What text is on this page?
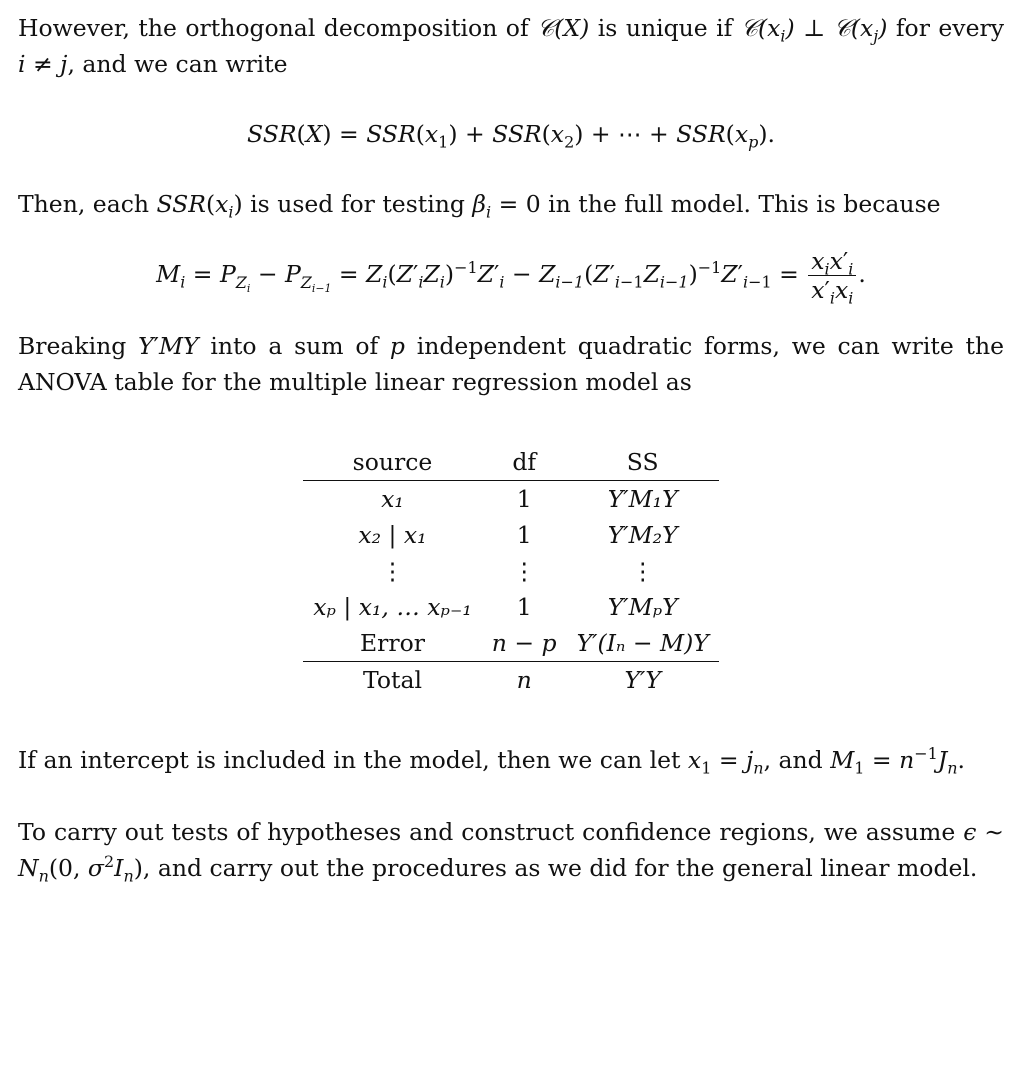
However, the orthogonal decomposition of 𝒞(X) is unique if $𝒞(x_i)$ ⊥ $𝒞(x_j)$ for every i ≠ j, and we can write

$SSR(X) = SSR(x_1) + SSR(x_2)$ + ⋯ + $SSR(x_p)$.

Then, each $SSR(x_i)$ is used for testing $\beta_i = 0$ in the full model. This is because

$M_i = P_{Z_i} - P_{Z_{i-1}} = Z_i(Z'_iZ_i)^{-1}Z'_i - Z_{i-1}(Z'_{i-1}Z_{i-1})^{-1}Z'_{i-1} = \frac{x_ix'_i}{x'_ix_i}$ .

Breaking Y′MY into a sum of p independent quadratic forms, we can write the ANOVA table for the multiple linear regression model as

source	df	SS
x₁	1	Y′M₁Y
x₂ | x₁	1	Y′M₂Y
⋮	⋮	⋮
xₚ | x₁, … xₚ₋₁	1	Y′MₚY
Error	n − p	Y′(Iₙ − M)Y
Total	n	Y′Y

If an intercept is included in the model, then we can let $x_1 = j_n$, and $M_1 = n^{-1}J_n$.

To carry out tests of hypotheses and construct confidence regions, we assume ϵ ∼ $N_n(0$, $\sigma^2I_n$), and carry out the procedures as we did for the general linear model.
